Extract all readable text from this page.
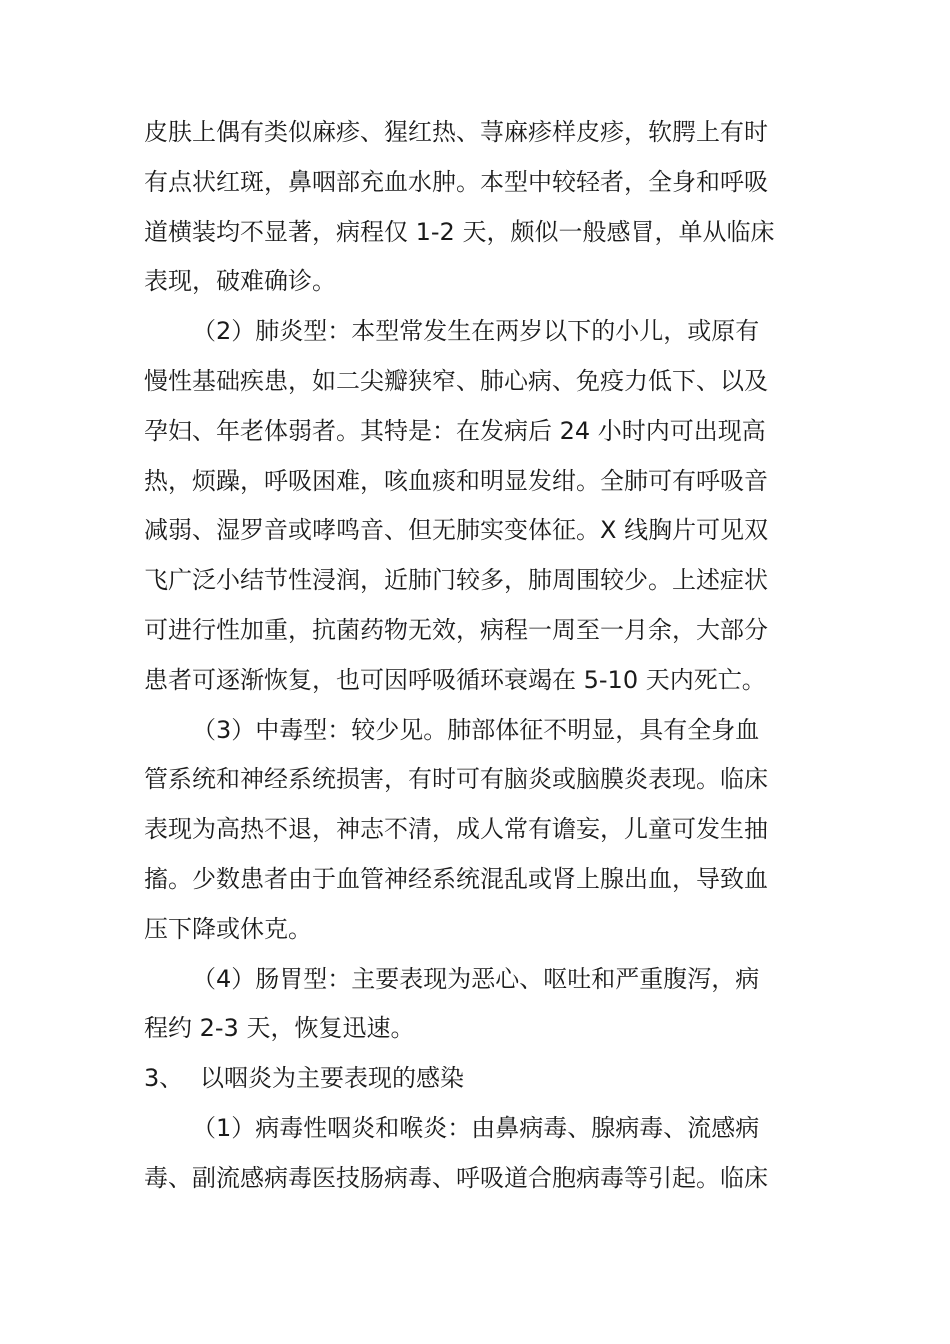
皮肤上偶有类似麻疹、猩红热、荨麻疹样皮疹，软腭上有时
有点状红斑，鼻咽部充血水肿。本型中较轻者，全身和呼吸
道横装均不显著，病程仅 1-2 天，颇似一般感冒，单从临床
表现，破难确诊。
（2）肺炎型：本型常发生在两岁以下的小儿，或原有
慢性基础疾患，如二尖瓣狭窄、肺心病、免疫力低下、以及
孕妇、年老体弱者。其特是：在发病后 24 小时内可出现高
热，烦躁，呼吸困难，咳血痰和明显发绀。全肺可有呼吸音
减弱、湿罗音或哮鸣音、但无肺实变体征。X 线胸片可见双
飞广泛小结节性浸润，近肺门较多，肺周围较少。上述症状
可进行性加重，抗菌药物无效，病程一周至一月余，大部分
患者可逐渐恢复，也可因呼吸循环衰竭在 5-10 天内死亡。
（3）中毒型：较少见。肺部体征不明显，具有全身血
管系统和神经系统损害，有时可有脑炎或脑膜炎表现。临床
表现为高热不退，神志不清，成人常有谵妄，儿童可发生抽
搐。少数患者由于血管神经系统混乱或肾上腺出血，导致血
压下降或休克。
（4）肠胃型：主要表现为恶心、呕吐和严重腹泻，病
程约 2-3 天，恢复迅速。
3、 以咽炎为主要表现的感染
（1）病毒性咽炎和喉炎：由鼻病毒、腺病毒、流感病
毒、副流感病毒医技肠病毒、呼吸道合胞病毒等引起。临床
